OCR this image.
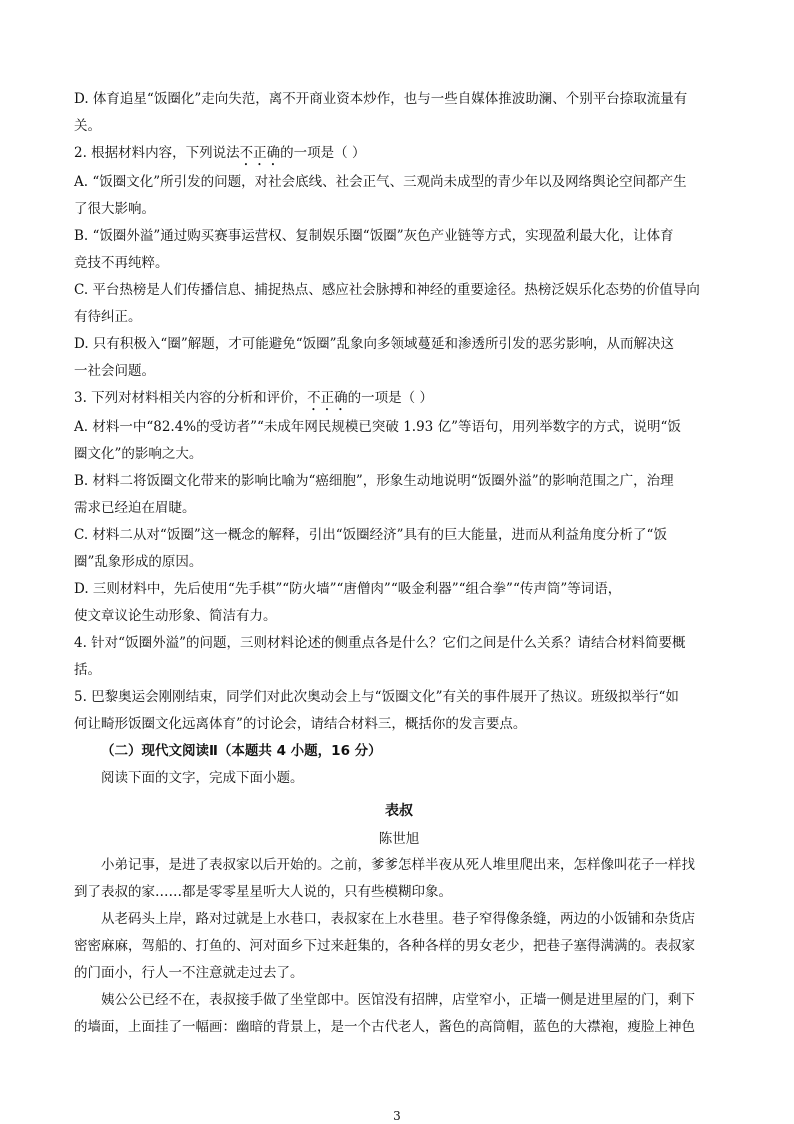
D. 体育追星“饭圈化”走向失范，离不开商业资本炒作，也与一些自媒体推波助澜、个别平台捺取流量有

关。

2. 根据材料内容，下列说法不正确的一项是（ ）

A. “饭圈文化”所引发的问题，对社会底线、社会正气、三观尚未成型的青少年以及网络舆论空间都产生

了很大影响。

B. “饭圈外溢”通过购买赛事运营权、复制娱乐圈“饭圈”灰色产业链等方式，实现盈利最大化，让体育

竞技不再纯粹。

C. 平台热榜是人们传播信息、捕捉热点、感应社会脉搏和神经的重要途径。热榜泛娱乐化态势的价值导向

有待纠正。

D. 只有积极入“圈”解题，才可能避免“饭圈”乱象向多领域蔓延和渗透所引发的恶劣影响，从而解决这

一社会问题。

3. 下列对材料相关内容的分析和评价，不正确的一项是（ ）

A. 材料一中“82.4%的受访者”“未成年网民规模已突破 1.93 亿”等语句，用列举数字的方式，说明“饭

圈文化”的影响之大。

B. 材料二将饭圈文化带来的影响比喻为“癌细胞”，形象生动地说明“饭圈外溢”的影响范围之广，治理

需求已经迫在眉睫。

C. 材料二从对“饭圈”这一概念的解释，引出“饭圈经济”具有的巨大能量，进而从利益角度分析了“饭

圈”乱象形成的原因。

D. 三则材料中，先后使用“先手棋”“防火墙”“唐僧肉”“吸金利器”“组合拳”“传声筒”等词语，

使文章议论生动形象、简洁有力。

4. 针对“饭圈外溢”的问题，三则材料论述的侧重点各是什么？它们之间是什么关系？请结合材料简要概

括。

5. 巴黎奥运会刚刚结束，同学们对此次奥动会上与“饭圈文化”有关的事件展开了热议。班级拟举行“如

何让畸形饭圈文化远离体育”的讨论会，请结合材料三，概括你的发言要点。

（二）现代文阅读Ⅱ（本题共 4 小题，16 分）

阅读下面的文字，完成下面小题。

表叔

陈世旭

小弟记事，是进了表叔家以后开始的。之前，爹爹怎样半夜从死人堆里爬出来，怎样像叫花子一样找

到了表叔的家……都是零零星星听大人说的，只有些模糊印象。

从老码头上岸，路对过就是上水巷口，表叔家在上水巷里。巷子窄得像条缝，两边的小饭铺和杂货店

密密麻麻，驾船的、打鱼的、河对面乡下过来赶集的，各种各样的男女老少，把巷子塞得满满的。表叔家

的门面小，行人一不注意就走过去了。

姨公公已经不在，表叔接手做了坐堂郎中。医馆没有招牌，店堂窄小，正墙一侧是进里屋的门，剩下

的墙面，上面挂了一幅画：幽暗的背景上，是一个古代老人，酱色的高筒帽，蓝色的大襟袍，瘦脸上神色

3
